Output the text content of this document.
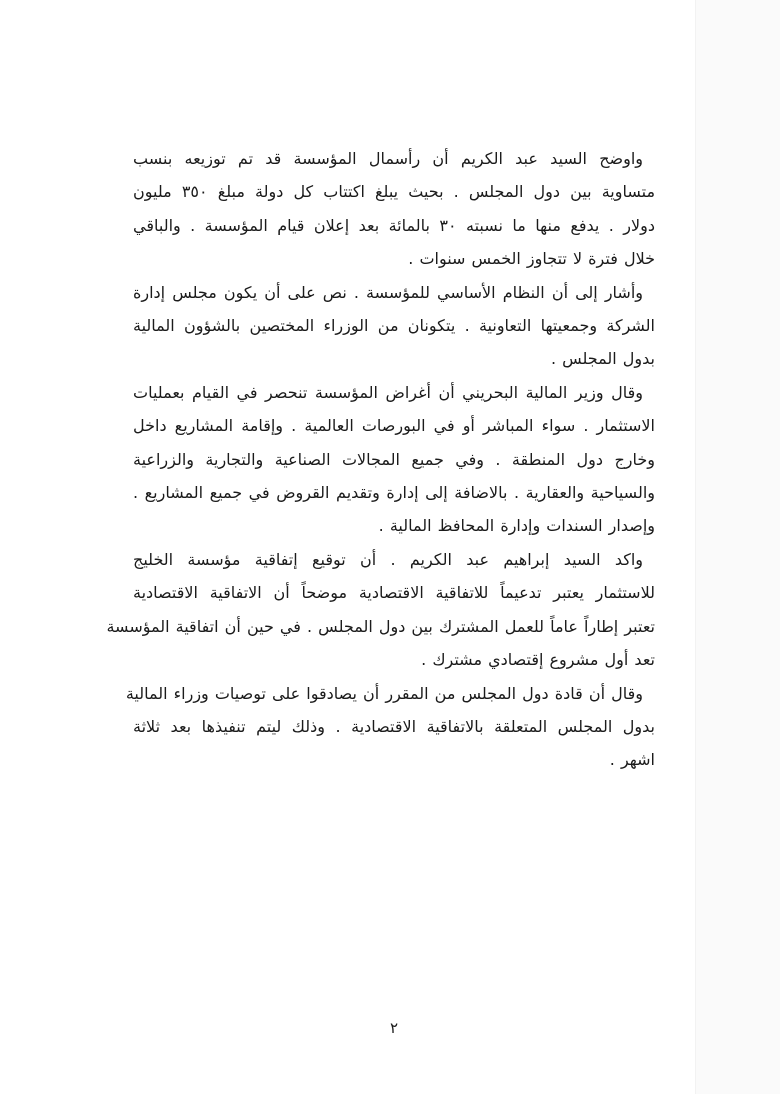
واوضح السيد عبد الكريم أن رأسمال المؤسسة قد تم توزيعه بنسب
متساوية بين دول المجلس . بحيث يبلغ اكتتاب كل دولة مبلغ ٣٥٠ مليون
دولار . يدفع منها ما نسبته ٣٠ بالمائة بعد إعلان قيام المؤسسة . والباقي
خلال فترة لا تتجاوز الخمس سنوات .

وأشار إلى أن النظام الأساسي للمؤسسة . نص على أن يكون مجلس إدارة
الشركة وجمعيتها التعاونية . يتكونان من الوزراء المختصين بالشؤون المالية
بدول المجلس .

وقال وزير المالية البحريني أن أغراض المؤسسة تنحصر في القيام بعمليات
الاستثمار . سواء المباشر أو في البورصات العالمية . وإقامة المشاريع داخل
وخارج دول المنطقة . وفي جميع المجالات الصناعية والتجارية والزراعية
والسياحية والعقارية . بالاضافة إلى إدارة وتقديم القروض في جميع المشاريع .
وإصدار السندات وإدارة المحافظ المالية .

واكد السيد إبراهيم عبد الكريم . أن توقيع إتفاقية مؤسسة الخليج
للاستثمار يعتبر تدعيماً للاتفاقية الاقتصادية موضحاً أن الاتفاقية الاقتصادية
تعتبر إطاراً عاماً للعمل المشترك بين دول المجلس . في حين أن اتفاقية المؤسسة
تعد أول مشروع إقتصادي مشترك .

وقال أن قادة دول المجلس من المقرر أن يصادقوا على توصيات وزراء المالية
بدول المجلس المتعلقة بالاتفاقية الاقتصادية . وذلك ليتم تنفيذها بعد ثلاثة
اشهر .

٢
